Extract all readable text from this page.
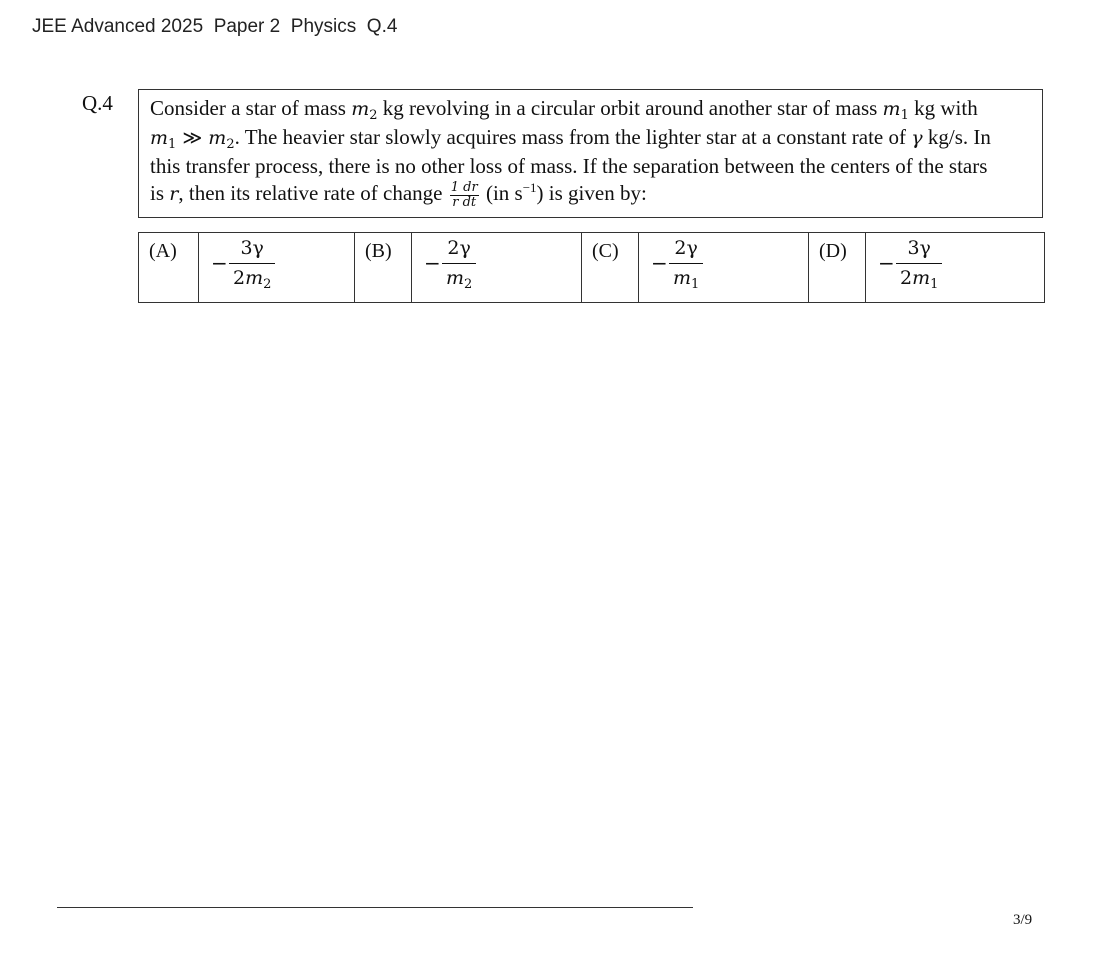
JEE Advanced 2025  Paper 2  Physics  Q.4
Q.4 Consider a star of mass $m_2$ kg revolving in a circular orbit around another star of mass $m_1$ kg with
$m_1$ ≫ $m_2$. The heavier star slowly acquires mass from the lighter star at a constant rate of γ kg/s. In
this transfer process, there is no other loss of mass. If the separation between the centers of the stars
is r, then its relative rate of change $\frac{1 dr}{\text{r dt}} (in$ $s^{-1}$) is given by:
(A)	− $\frac{3\gamma}{2m_2}$	(B)	− $\frac{2\gamma}{m_2}$	(C)	− $\frac{2\gamma}{m_1}$	(D)	− $\frac{3\gamma}{2m_1}$
3/9
